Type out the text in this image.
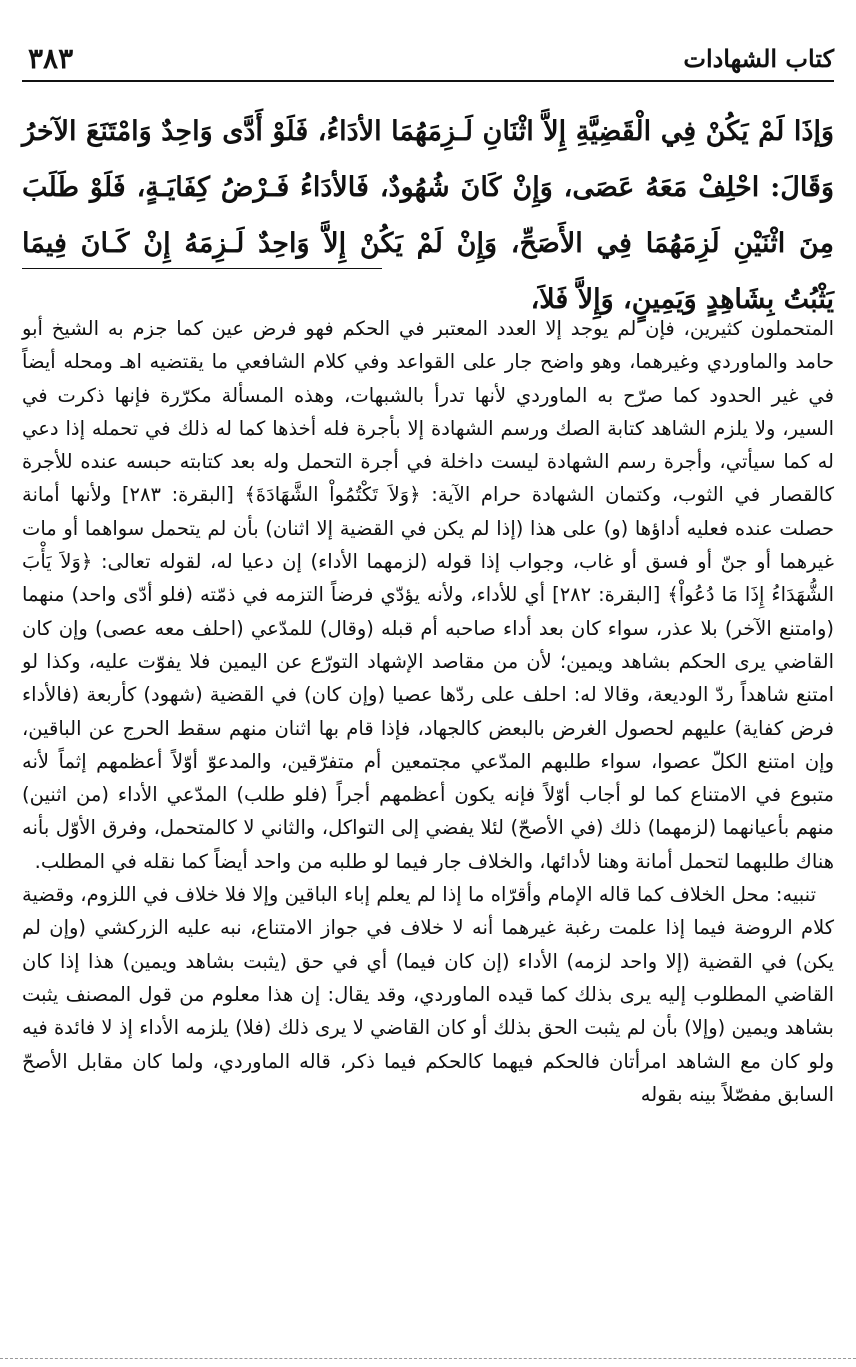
كتاب الشهادات
٣٨٣
وَإذَا لَمْ يَكُنْ فِي الْقَضِيَّةِ إِلاَّ اثْنَانِ لَـزِمَهُمَا الأدَاءُ، فَلَوْ أَدَّى وَاحِدٌ وَامْتَنَعَ الآخرُ وَقَالَ: احْلِفْ مَعَهُ عَصَى، وَإِنْ كَانَ شُهُودٌ، فَالأدَاءُ فَـرْضُ كِفَايَـةٍ، فَلَوْ طَلَبَ مِنَ اثْنَيْنِ لَزِمَهُمَا فِي الأَصَحِّ، وَإِنْ لَمْ يَكُنْ إِلاَّ وَاحِدٌ لَـزِمَهُ إِنْ كَـانَ فِيمَا يَثْبُتُ بِشَاهِدٍ وَيَمِينٍ، وَإِلاَّ فَلاَ،

المتحملون كثيرين، فإن لم يوجد إلا العدد المعتبر في الحكم فهو فرض عين كما جزم به الشيخ أبو حامد والماوردي وغيرهما، وهو واضح جار على القواعد وفي كلام الشافعي ما يقتضيه اهـ ومحله أيضاً في غير الحدود كما صرّح به الماوردي لأنها تدرأ بالشبهات، وهذه المسألة مكرّرة فإنها ذكرت في السير، ولا يلزم الشاهد كتابة الصك ورسم الشهادة إلا بأجرة فله أخذها كما له ذلك في تحمله إذا دعي له كما سيأتي، وأجرة رسم الشهادة ليست داخلة في أجرة التحمل وله بعد كتابته حبسه عنده للأجرة كالقصار في الثوب، وكتمان الشهادة حرام الآية: ﴿وَلاَ تَكْتُمُواْ الشَّهَادَةَ﴾ [البقرة: ٢٨٣] ولأنها أمانة حصلت عنده فعليه أداؤها (و) على هذا (إذا لم يكن في القضية إلا اثنان) بأن لم يتحمل سواهما أو مات غيرهما أو جنّ أو فسق أو غاب، وجواب إذا قوله (لزمهما الأداء) إن دعيا له، لقوله تعالى: ﴿وَلاَ يَأْبَ الشُّهَدَاءُ إِذَا مَا دُعُواْ﴾ [البقرة: ٢٨٢] أي للأداء، ولأنه يؤدّي فرضاً التزمه في ذمّته (فلو أدّى واحد) منهما (وامتنع الآخر) بلا عذر، سواء كان بعد أداء صاحبه أم قبله (وقال) للمدّعي (احلف معه عصى) وإن كان القاضي يرى الحكم بشاهد ويمين؛ لأن من مقاصد الإشهاد التورّع عن اليمين فلا يفوّت عليه، وكذا لو امتنع شاهداً ردّ الوديعة، وقالا له: احلف على ردّها عصيا (وإن كان) في القضية (شهود) كأربعة (فالأداء فرض كفاية) عليهم لحصول الغرض بالبعض كالجهاد، فإذا قام بها اثنان منهم سقط الحرج عن الباقين، وإن امتنع الكلّ عصوا، سواء طلبهم المدّعي مجتمعين أم متفرّقين، والمدعوّ أوّلاً أعظمهم إثماً لأنه متبوع في الامتناع كما لو أجاب أوّلاً فإنه يكون أعظمهم أجراً (فلو طلب) المدّعي الأداء (من اثنين) منهم بأعيانهما (لزمهما) ذلك (في الأصحّ) لئلا يفضي إلى التواكل، والثاني لا كالمتحمل، وفرق الأوّل بأنه هناك طلبهما لتحمل أمانة وهنا لأدائها، والخلاف جار فيما لو طلبه من واحد أيضاً كما نقله في المطلب.

تنبيه: محل الخلاف كما قاله الإمام وأقرّاه ما إذا لم يعلم إباء الباقين وإلا فلا خلاف في اللزوم، وقضية كلام الروضة فيما إذا علمت رغبة غيرهما أنه لا خلاف في جواز الامتناع، نبه عليه الزركشي (وإن لم يكن) في القضية (إلا واحد لزمه) الأداء (إن كان فيما) أي في حق (يثبت بشاهد ويمين) هذا إذا كان القاضي المطلوب إليه يرى بذلك كما قيده الماوردي، وقد يقال: إن هذا معلوم من قول المصنف يثبت بشاهد ويمين (وإلا) بأن لم يثبت الحق بذلك أو كان القاضي لا يرى ذلك (فلا) يلزمه الأداء إذ لا فائدة فيه ولو كان مع الشاهد امرأتان فالحكم فيهما كالحكم فيما ذكر، قاله الماوردي، ولما كان مقابل الأصحّ السابق مفصّلاً بينه بقوله
